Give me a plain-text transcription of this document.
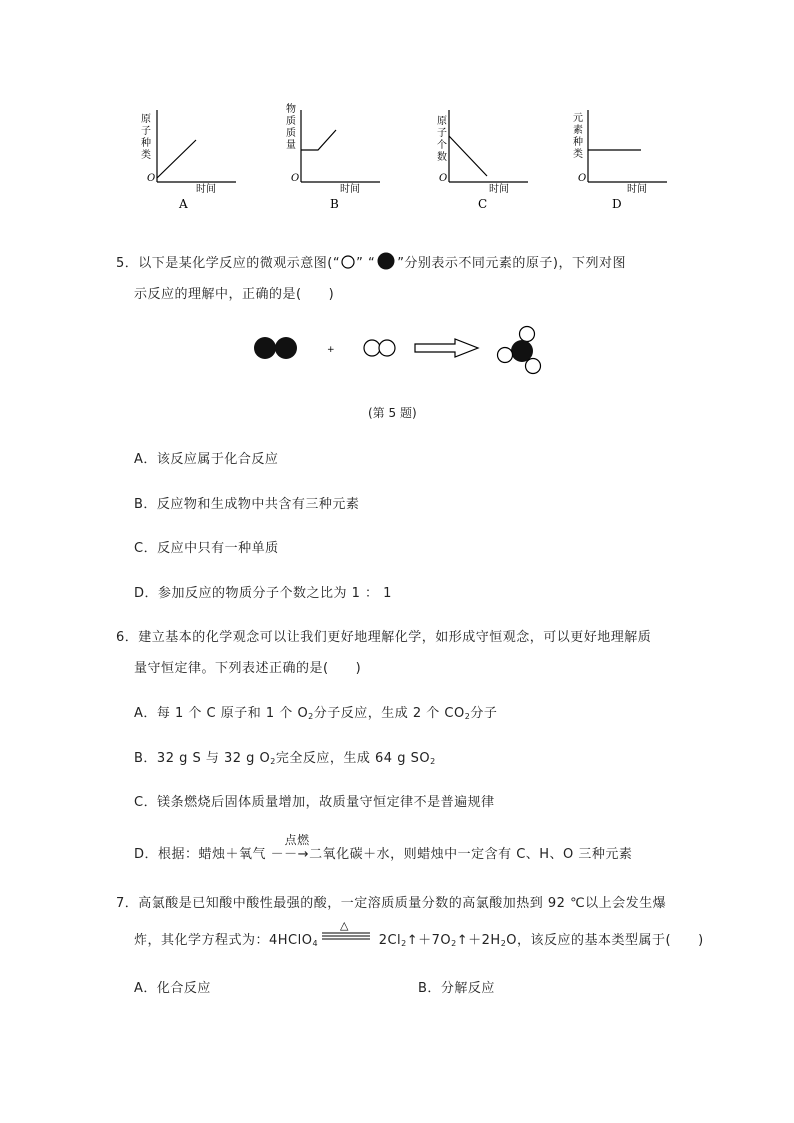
原子种类
O
时间
A
物质质量
O
时间
B
原子个数
O
时间
C
元素种类
O
时间
D
5．以下是某化学反应的微观示意图(“ ” “ ”分别表示不同元素的原子)，下列对图
示反应的理解中，正确的是(　　)
+
(第 5 题)
A．该反应属于化合反应
B．反应物和生成物中共含有三种元素
C．反应中只有一种单质
D．参加反应的物质分子个数之比为 1 ： 1
6．建立基本的化学观念可以让我们更好地理解化学，如形成守恒观念，可以更好地理解质
量守恒定律。下列表述正确的是(　　)
A．每 1 个 C 原子和 1 个 $O_2$分子反应，生成 2 个 $CO_2$分子
B．32 g S 与 32 g $O_2$完全反应，生成 64 g $SO_2$
C．镁条燃烧后固体质量增加，故质量守恒定律不是普遍规律
D．根据：蜡烛＋氧气
点燃
－－→二氧化碳＋水，则蜡烛中一定含有 C、H、O 三种元素
7．高氯酸是已知酸中酸性最强的酸，一定溶质质量分数的高氯酸加热到 92 ℃以上会发生爆
炸，其化学方程式为：4HClO$_4$
△
$2Cl_2↑+7O_2↑+2H_2O$，该反应的基本类型属于(　　)
A．化合反应	B．分解反应
